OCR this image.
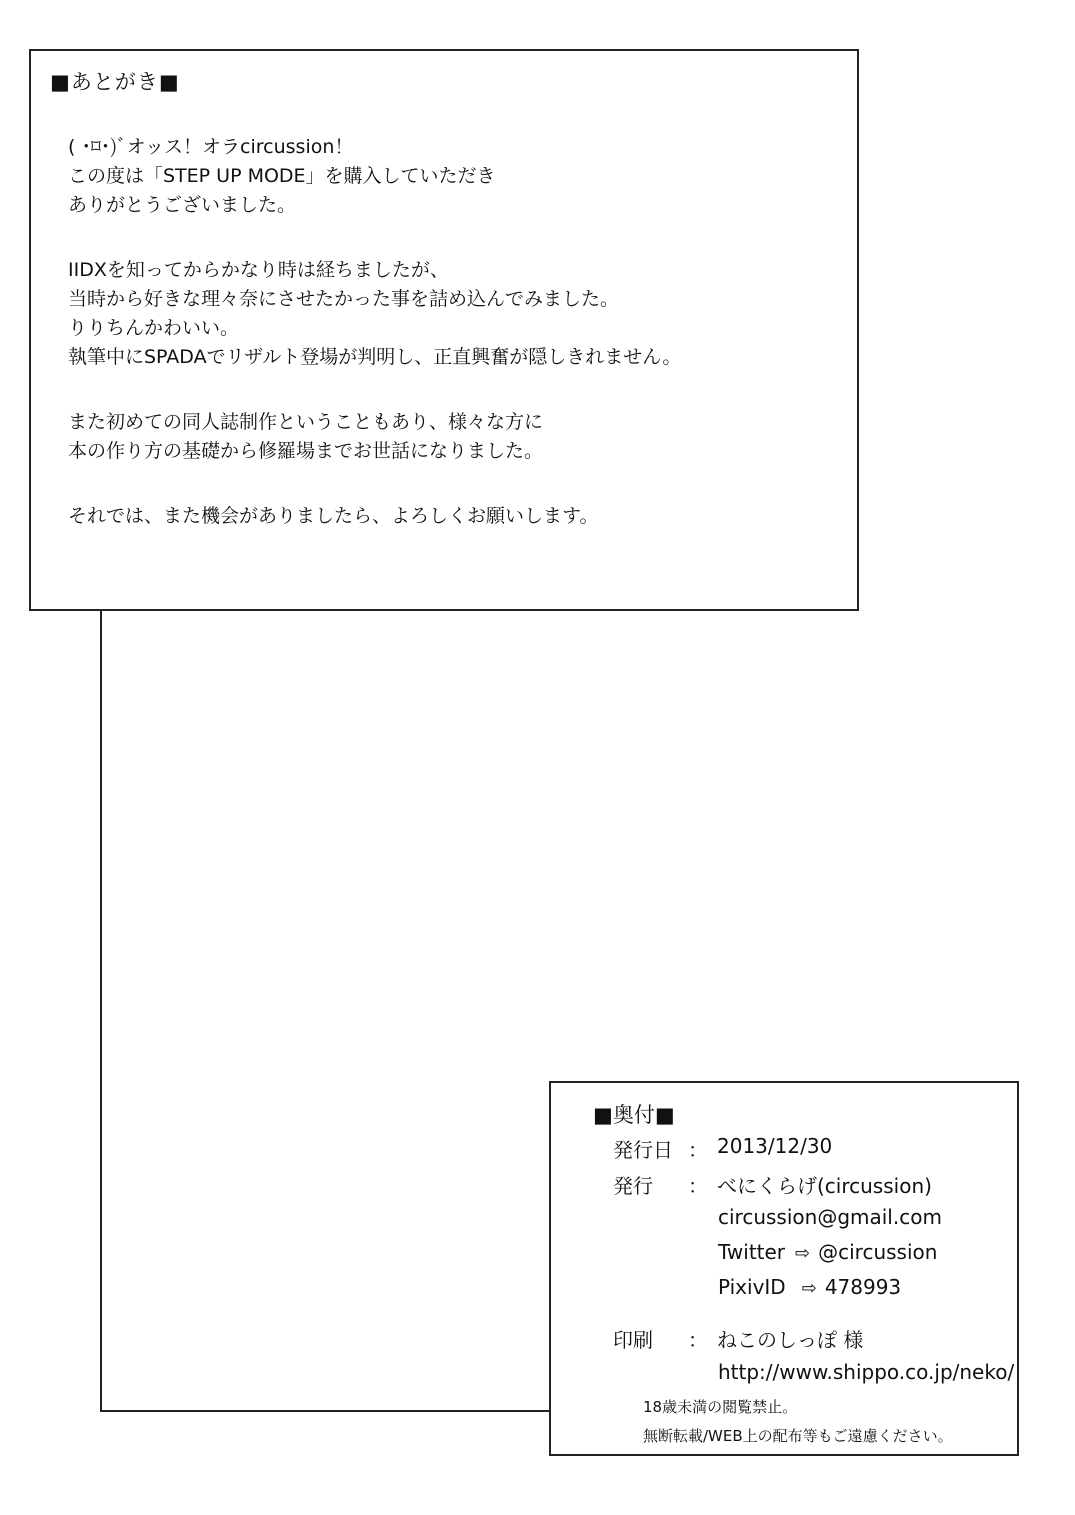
■あとがき■
( ･⌑･)ﾞオッス！オラcircussion！
この度は「STEP UP MODE」を購入していただき
ありがとうございました。
IIDXを知ってからかなり時は経ちましたが、
当時から好きな理々奈にさせたかった事を詰め込んでみました。
りりちんかわいい。
執筆中にSPADAでリザルト登場が判明し、正直興奮が隠しきれません。
また初めての同人誌制作ということもあり、様々な方に
本の作り方の基礎から修羅場までお世話になりました。
それでは、また機会がありましたら、よろしくお願いします。
■奥付■
発行日 ： 2013/12/30
発行 ： べにくらげ(circussion)
circussion@gmail.com
Twitter ⇨ @circussion
PixivID ⇨ 478993
印刷 ： ねこのしっぽ 様
http://www.shippo.co.jp/neko/
18歳未満の閲覧禁止。
無断転載/WEB上の配布等もご遠慮ください。
